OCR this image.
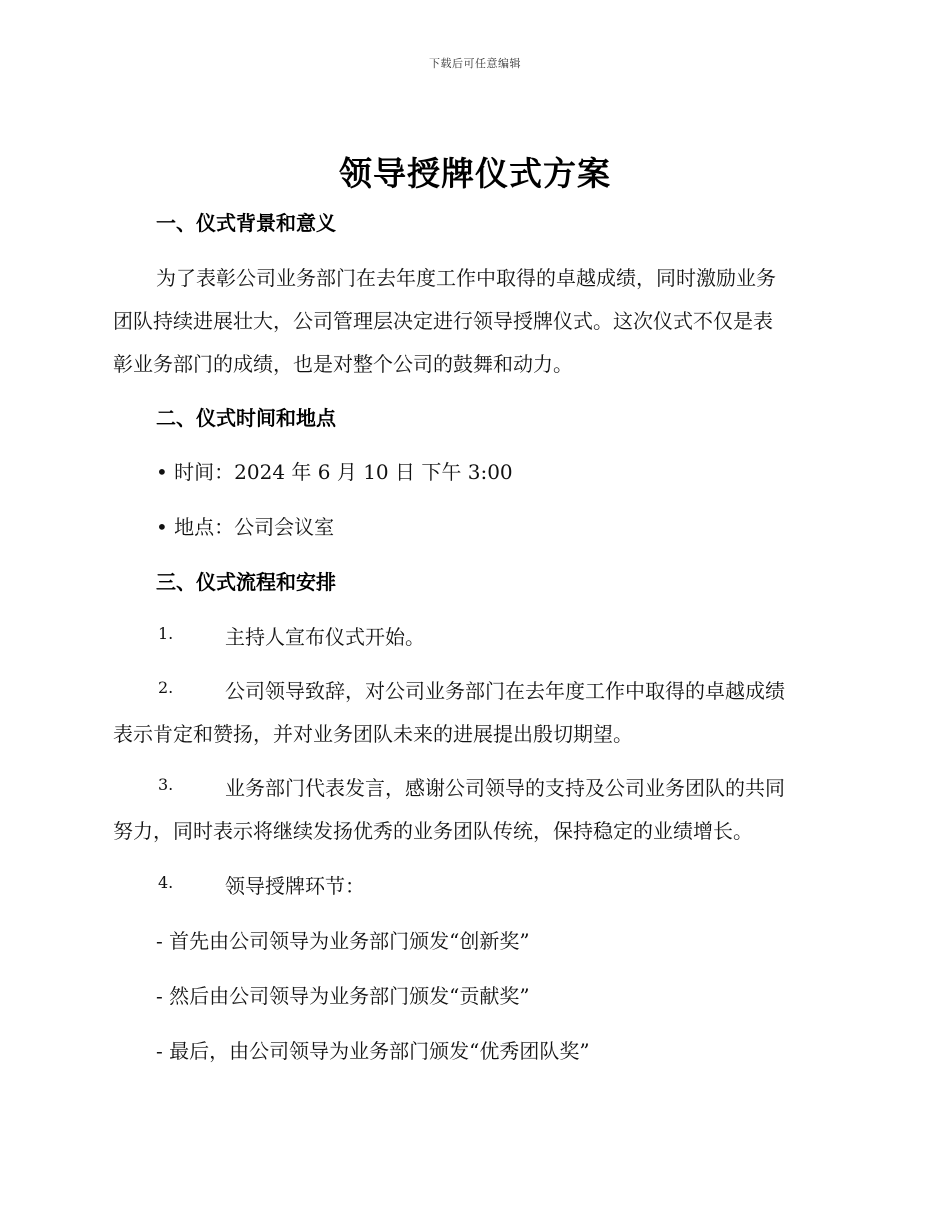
下载后可任意编辑
领导授牌仪式方案
一、仪式背景和意义
为了表彰公司业务部门在去年度工作中取得的卓越成绩，同时激励业务
团队持续进展壮大，公司管理层决定进行领导授牌仪式。这次仪式不仅是表
彰业务部门的成绩，也是对整个公司的鼓舞和动力。
二、仪式时间和地点
• 时间：2024 年 6 月 10 日 下午 3:00
• 地点：公司会议室
三、仪式流程和安排
1.	主持人宣布仪式开始。
2.	公司领导致辞，对公司业务部门在去年度工作中取得的卓越成绩
表示肯定和赞扬，并对业务团队未来的进展提出殷切期望。
3.	业务部门代表发言，感谢公司领导的支持及公司业务团队的共同
努力，同时表示将继续发扬优秀的业务团队传统，保持稳定的业绩增长。
4.	领导授牌环节：
- 首先由公司领导为业务部门颁发“创新奖”
- 然后由公司领导为业务部门颁发“贡献奖”
- 最后，由公司领导为业务部门颁发“优秀团队奖”
